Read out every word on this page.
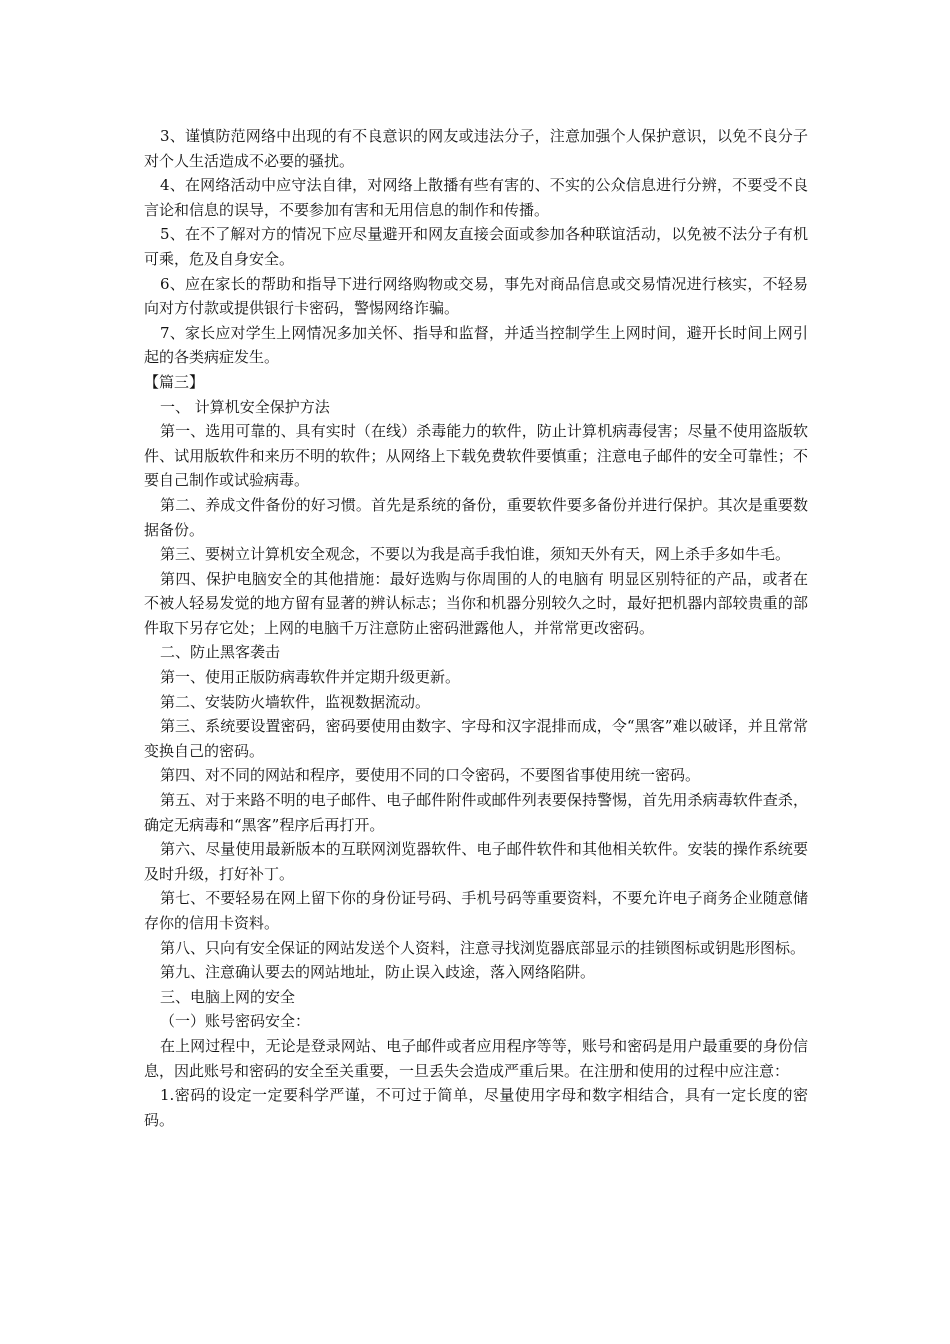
3、谨慎防范网络中出现的有不良意识的网友或违法分子，注意加强个人保护意识，以免不良分子对个人生活造成不必要的骚扰。

4、在网络活动中应守法自律，对网络上散播有些有害的、不实的公众信息进行分辨，不要受不良言论和信息的误导，不要参加有害和无用信息的制作和传播。

5、在不了解对方的情况下应尽量避开和网友直接会面或参加各种联谊活动，以免被不法分子有机可乘，危及自身安全。

6、应在家长的帮助和指导下进行网络购物或交易，事先对商品信息或交易情况进行核实，不轻易向对方付款或提供银行卡密码，警惕网络诈骗。

7、家长应对学生上网情况多加关怀、指导和监督，并适当控制学生上网时间，避开长时间上网引起的各类病症发生。

【篇三】

一、 计算机安全保护方法

第一、选用可靠的、具有实时（在线）杀毒能力的软件，防止计算机病毒侵害；尽量不使用盗版软件、试用版软件和来历不明的软件；从网络上下载免费软件要慎重；注意电子邮件的安全可靠性；不要自己制作或试验病毒。

第二、养成文件备份的好习惯。首先是系统的备份，重要软件要多备份并进行保护。其次是重要数据备份。

第三、要树立计算机安全观念，不要以为我是高手我怕谁，须知天外有天，网上杀手多如牛毛。

第四、保护电脑安全的其他措施：最好选购与你周围的人的电脑有 明显区别特征的产品，或者在不被人轻易发觉的地方留有显著的辨认标志；当你和机器分别较久之时，最好把机器内部较贵重的部件取下另存它处；上网的电脑千万注意防止密码泄露他人，并常常更改密码。

二、防止黑客袭击

第一、使用正版防病毒软件并定期升级更新。

第二、安装防火墙软件，监视数据流动。

第三、系统要设置密码，密码要使用由数字、字母和汉字混排而成，令“黑客”难以破译，并且常常变换自己的密码。

第四、对不同的网站和程序，要使用不同的口令密码，不要图省事使用统一密码。

第五、对于来路不明的电子邮件、电子邮件附件或邮件列表要保持警惕，首先用杀病毒软件查杀，确定无病毒和“黑客”程序后再打开。

第六、尽量使用最新版本的互联网浏览器软件、电子邮件软件和其他相关软件。安装的操作系统要及时升级，打好补丁。

第七、不要轻易在网上留下你的身份证号码、手机号码等重要资料，不要允许电子商务企业随意储存你的信用卡资料。

第八、只向有安全保证的网站发送个人资料，注意寻找浏览器底部显示的挂锁图标或钥匙形图标。

第九、注意确认要去的网站地址，防止误入歧途，落入网络陷阱。

三、电脑上网的安全

（一）账号密码安全：

在上网过程中，无论是登录网站、电子邮件或者应用程序等等，账号和密码是用户最重要的身份信息，因此账号和密码的安全至关重要，一旦丢失会造成严重后果。在注册和使用的过程中应注意：

1.密码的设定一定要科学严谨，不可过于简单，尽量使用字母和数字相结合，具有一定长度的密码。
